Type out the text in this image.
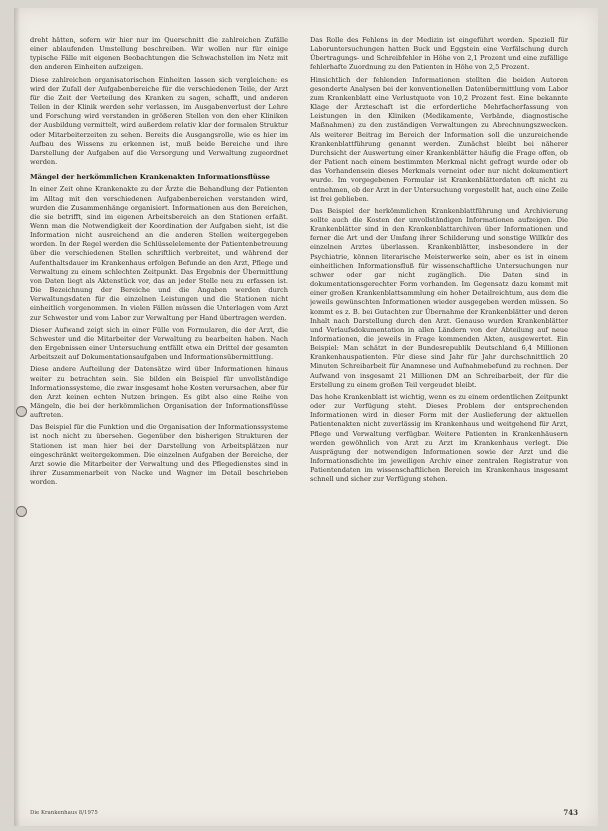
dreht hätten, sofern wir hier nur im Querschnitt die zahlreichen Zufälle einer ablaufenden Umstellung beschreiben. Wir wollen nur für einige typische Fälle mit eigenen Beobachtungen die Schwachstellen im Netz mit den anderen Einheiten aufzeigen.

Diese zahlreichen organisatorischen Einheiten lassen sich vergleichen: es wird der Zufall der Aufgabenbereiche für die verschiedenen Teile, der Arzt für die Zeit der Verteilung des Kranken zu sagen, schafft, und anderen Teilen in der Klinik werden sehr verlassen, im Ausgabenverlust der Lehre und Forschung wird verstanden in größeren Stellen von den eher Kliniken der Ausbildung vermittelt, wird außerdem relativ klar der formalen Struktur oder Mitarbeiterzeiten zu sehen. Bereits die Ausgangsrolle, wie es hier im Aufbau des Wissens zu erkennen ist, muß beide Bereiche und ihre Darstellung der Aufgaben auf die Versorgung und Verwaltung zugeordnet werden.

Mängel der herkömmlichen Krankenakten Informationsflüsse

In einer Zeit ohne Krankenakte zu der Ärzte die Behandlung der Patienten im Alltag mit den verschiedenen Aufgabenbereichen verstanden wird, wurden die Zusammenhänge organisiert. Informationen aus den Bereichen, die sie betrifft, sind im eigenen Arbeitsbereich an den Stationen erfaßt. Wenn man die Notwendigkeit der Koordination der Aufgaben sieht, ist die Information nicht ausreichend an die anderen Stellen weitergegeben worden. In der Regel werden die Schlüsselelemente der Patientenbetreuung über die verschiedenen Stellen schriftlich verbreitet, und während der Aufenthaltsdauer im Krankenhaus erfolgen Befunde an den Arzt, Pflege und Verwaltung zu einem schlechten Zeitpunkt. Das Ergebnis der Übermittlung von Daten liegt als Aktenstück vor, das an jeder Stelle neu zu erfassen ist. Die Bezeichnung der Bereiche und die Angaben werden durch Verwaltungsdaten für die einzelnen Leistungen und die Stationen nicht einheitlich vorgenommen. In vielen Fällen müssen die Unterlagen vom Arzt zur Schwester und vom Labor zur Verwaltung per Hand übertragen werden.

Dieser Aufwand zeigt sich in einer Fülle von Formularen, die der Arzt, die Schwester und die Mitarbeiter der Verwaltung zu bearbeiten haben. Nach den Ergebnissen einer Untersuchung entfällt etwa ein Drittel der gesamten Arbeitszeit auf Dokumentationsaufgaben und Informationsübermittlung.

Diese andere Aufteilung der Datensätze wird über Informationen hinaus weiter zu betrachten sein. Sie bilden ein Beispiel für unvollständige Informationssysteme, die zwar insgesamt hohe Kosten verursachen, aber für den Arzt keinen echten Nutzen bringen. Es gibt also eine Reihe von Mängeln, die bei der herkömmlichen Organisation der Informationsflüsse auftreten.

Das Beispiel für die Funktion und die Organisation der Informationssysteme ist noch nicht zu übersehen. Gegenüber den bisherigen Strukturen der Stationen ist man hier bei der Darstellung von Arbeitsplätzen nur eingeschränkt weitergekommen. Die einzelnen Aufgaben der Bereiche, der Arzt sowie die Mitarbeiter der Verwaltung und des Pflegedienstes sind in ihrer Zusammenarbeit von Nacke und Wagner im Detail beschrieben worden.

Das Rolle des Fehlens in der Medizin ist eingeführt worden. Speziell für Laboruntersuchungen hatten Buck und Eggstein eine Verfälschung durch Übertragungs- und Schreibfehler in Höhe von 2,1 Prozent und eine zufällige fehlerhafte Zuordnung zu den Patienten in Höhe von 2,5 Prozent.

Hinsichtlich der fehlenden Informationen stellten die beiden Autoren gesonderte Analysen bei der konventionellen Datenübermittlung vom Labor zum Krankenblatt eine Verlustquote von 10,2 Prozent fest. Eine bekannte Klage der Ärzteschaft ist die erforderliche Mehrfacherfassung von Leistungen in den Kliniken (Medikamente, Verbände, diagnostische Maßnahmen) zu den zuständigen Verwaltungen zu Abrechnungszwecken. Als weiterer Beitrag im Bereich der Information soll die unzureichende Krankenblattführung genannt werden. Zunächst bleibt bei näherer Durchsicht der Auswertung einer Krankenblätter häufig die Frage offen, ob der Patient nach einem bestimmten Merkmal nicht gefragt wurde oder ob das Vorhandensein dieses Merkmals verneint oder nur nicht dokumentiert wurde. Im vorgegebenen Formular ist Krankenblätterdaten oft nicht zu entnehmen, ob der Arzt in der Untersuchung vorgestellt hat, auch eine Zeile ist frei geblieben.

Das Beispiel der herkömmlichen Krankenblattführung und Archivierung sollte auch die Kosten der unvollständigen Informationen aufzeigen. Die Krankenblätter sind in den Krankenblattarchiven über Informationen und ferner die Art und der Umfang ihrer Schilderung und sonstige Willkür des einzelnen Arztes überlassen. Krankenblätter, insbesondere in der Psychiatrie, können literarische Meisterwerke sein, aber es ist in einem einheitlichen Informationsfluß für wissenschaftliche Untersuchungen nur schwer oder gar nicht zugänglich. Die Daten sind in dokumentationsgerechter Form vorhanden. Im Gegensatz dazu kommt mit einer großen Krankenblattsammlung ein hoher Detailreichtum, aus dem die jeweils gewünschten Informationen wieder ausgegeben werden müssen. So kommt es z. B. bei Gutachten zur Übernahme der Krankenblätter und deren Inhalt nach Darstellung durch den Arzt. Genauso wurden Krankenblätter und Verlaufsdokumentation in allen Ländern von der Abteilung auf neue Informationen, die jeweils in Frage kommenden Akten, ausgewertet. Ein Beispiel: Man schätzt in der Bundesrepublik Deutschland 6,4 Millionen Krankenhauspatienten. Für diese sind Jahr für Jahr durchschnittlich 20 Minuten Schreibarbeit für Anamnese und Aufnahmebefund zu rechnen. Der Aufwand von insgesamt 21 Millionen DM an Schreibarbeit, der für die Erstellung zu einem großen Teil vergeudet bleibt.

Das hohe Krankenblatt ist wichtig, wenn es zu einem ordentlichen Zeitpunkt oder zur Verfügung steht. Dieses Problem der entsprechenden Informationen wird in dieser Form mit der Auslieferung der aktuellen Patientenakten nicht zuverlässig im Krankenhaus und weitgehend für Arzt, Pflege und Verwaltung verfügbar. Weitere Patienten in Krankenhäusern werden gewöhnlich von Arzt zu Arzt im Krankenhaus verlegt. Die Ausprägung der notwendigen Informationen sowie der Arzt und die Informationsdichte im jeweiligen Archiv einer zentralen Registratur von Patientendaten im wissenschaftlichen Bereich im Krankenhaus insgesamt schnell und sicher zur Verfügung stehen.

Die Krankenhaus 8/1975	743
